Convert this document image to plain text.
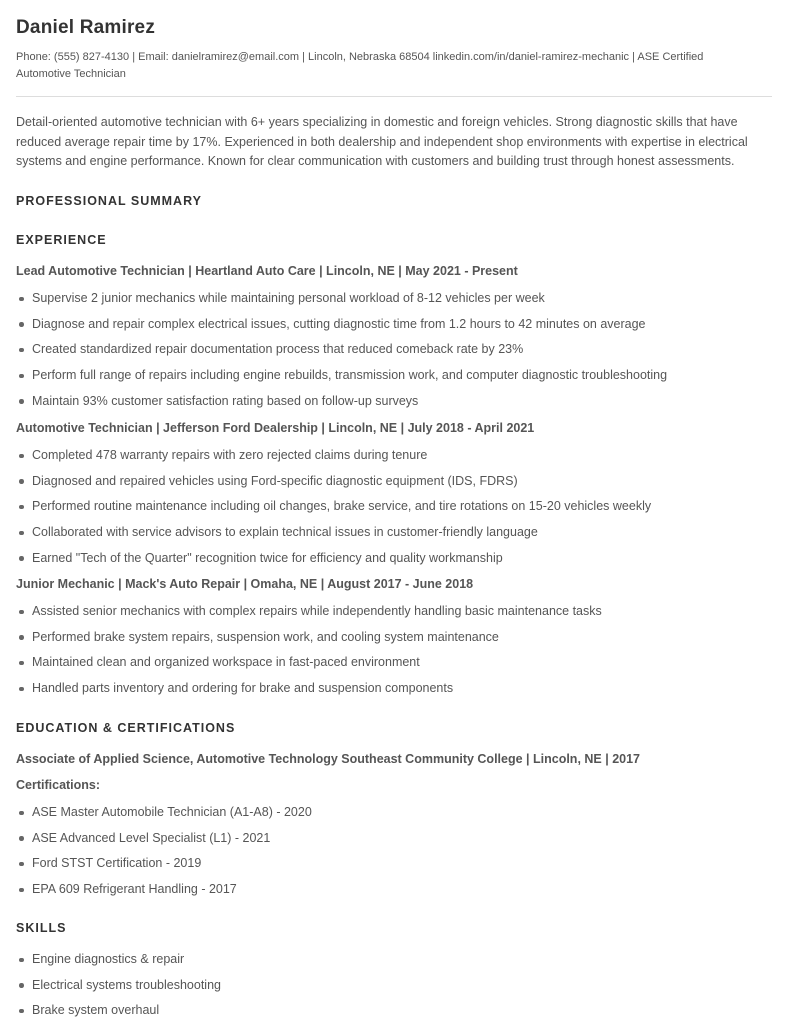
Daniel Ramirez
Phone: (555) 827-4130 | Email: danielramirez@email.com | Lincoln, Nebraska 68504 linkedin.com/in/daniel-ramirez-mechanic | ASE Certified Automotive Technician
Detail-oriented automotive technician with 6+ years specializing in domestic and foreign vehicles. Strong diagnostic skills that have reduced average repair time by 17%. Experienced in both dealership and independent shop environments with expertise in electrical systems and engine performance. Known for clear communication with customers and building trust through honest assessments.
PROFESSIONAL SUMMARY
EXPERIENCE
Lead Automotive Technician | Heartland Auto Care | Lincoln, NE | May 2021 - Present
Supervise 2 junior mechanics while maintaining personal workload of 8-12 vehicles per week
Diagnose and repair complex electrical issues, cutting diagnostic time from 1.2 hours to 42 minutes on average
Created standardized repair documentation process that reduced comeback rate by 23%
Perform full range of repairs including engine rebuilds, transmission work, and computer diagnostic troubleshooting
Maintain 93% customer satisfaction rating based on follow-up surveys
Automotive Technician | Jefferson Ford Dealership | Lincoln, NE | July 2018 - April 2021
Completed 478 warranty repairs with zero rejected claims during tenure
Diagnosed and repaired vehicles using Ford-specific diagnostic equipment (IDS, FDRS)
Performed routine maintenance including oil changes, brake service, and tire rotations on 15-20 vehicles weekly
Collaborated with service advisors to explain technical issues in customer-friendly language
Earned "Tech of the Quarter" recognition twice for efficiency and quality workmanship
Junior Mechanic | Mack's Auto Repair | Omaha, NE | August 2017 - June 2018
Assisted senior mechanics with complex repairs while independently handling basic maintenance tasks
Performed brake system repairs, suspension work, and cooling system maintenance
Maintained clean and organized workspace in fast-paced environment
Handled parts inventory and ordering for brake and suspension components
EDUCATION & CERTIFICATIONS
Associate of Applied Science, Automotive Technology Southeast Community College | Lincoln, NE | 2017
Certifications:
ASE Master Automobile Technician (A1-A8) - 2020
ASE Advanced Level Specialist (L1) - 2021
Ford STST Certification - 2019
EPA 609 Refrigerant Handling - 2017
SKILLS
Engine diagnostics & repair
Electrical systems troubleshooting
Brake system overhaul
